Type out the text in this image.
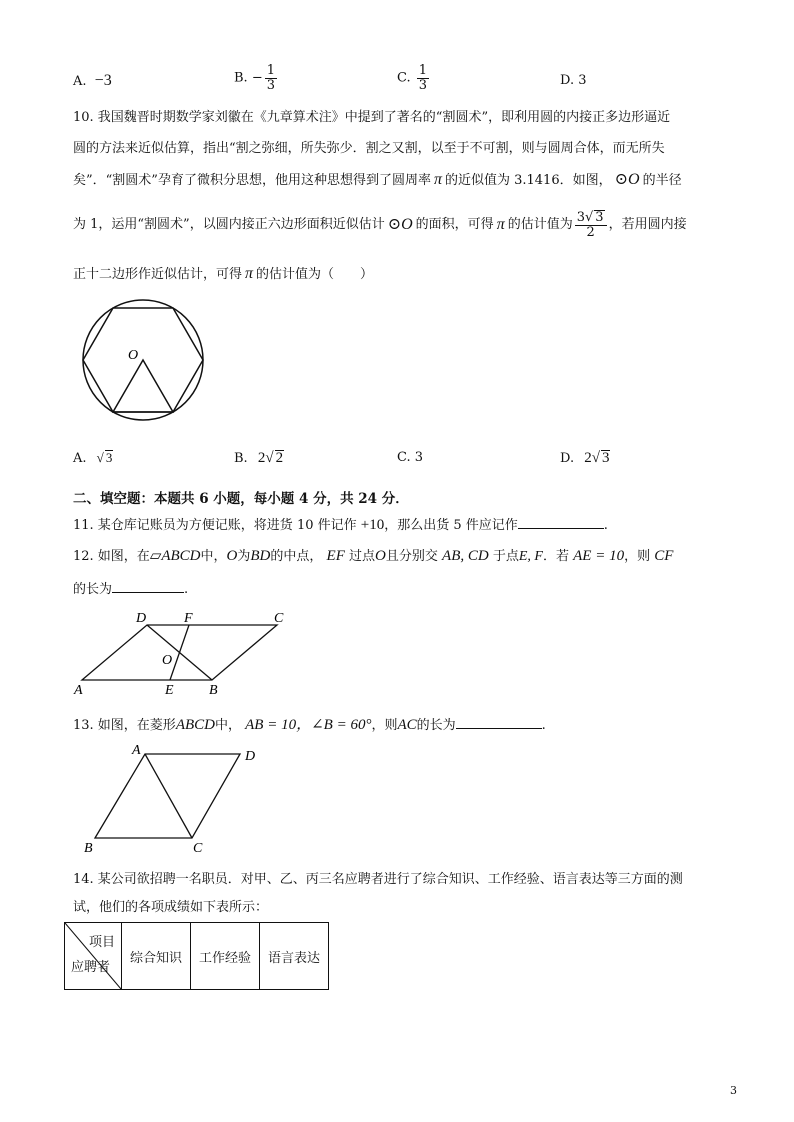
A. −3	B. − $\frac{1}{3}$	C. $\frac{1}{3}$	D. 3
10. 我国魏晋时期数学家刘徽在《九章算术注》中提到了著名的“割圆术”，即利用圆的内接正多边形逼近
圆的方法来近似估算，指出“割之弥细，所失弥少．割之又割，以至于不可割，则与圆周合体，而无所失
矣”．“割圆术”孕育了微积分思想，他用这种思想得到了圆周率 π 的近似值为 3.1416．如图， ⊙O 的半径
为 1，运用“割圆术”，以圆内接正六边形面积近似估计 ⊙O 的面积，可得 π 的估计值为 $\frac{3√ 3}{2}$ ，若用圆内接
正十二边形作近似估计，可得 π 的估计值为（　　）
O
A. √ 3	B. 2√ 2	C. 3	D. 2√ 3
二、填空题：本题共 6 小题，每小题 4 分，共 24 分．
11. 某仓库记账员为方便记账，将进货 10 件记作 +10，那么出货 5 件应记作	.
12. 如图，在▱ABCD中，O为BD的中点， EF 过点O且分别交 AB, CD 于点E, F．若 AE = 10，则 CF
的长为	.
A	B
C
D
E
F
O
13. 如图，在菱形ABCD中， AB = 10，∠B = 60°，则AC的长为	.
A
B	C
D
14. 某公司欲招聘一名职员．对甲、乙、丙三名应聘者进行了综合知识、工作经验、语言表达等三方面的测
试，他们的各项成绩如下表所示：
项目
应聘者
	综合知识	工作经验	语言表达
3
